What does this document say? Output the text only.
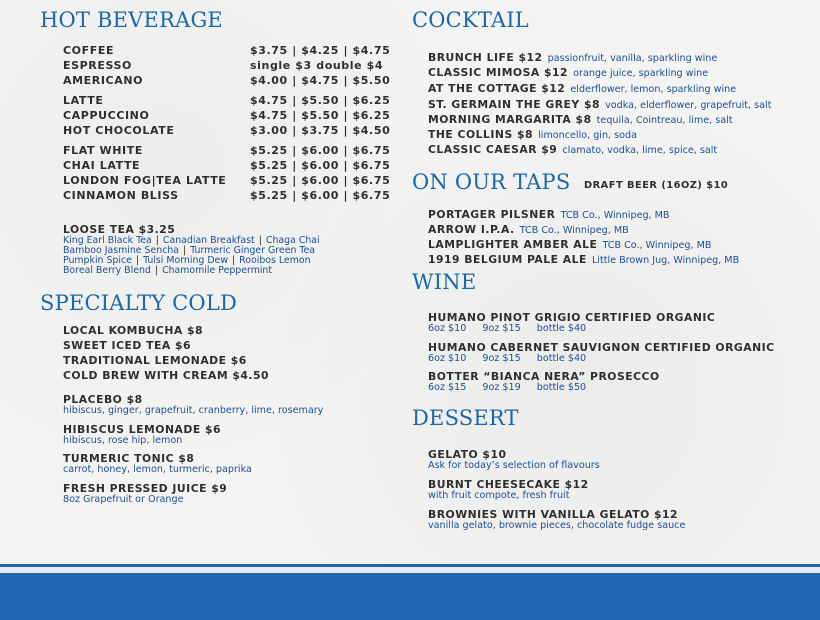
HOT BEVERAGE
COFFEE	$3.75 | $4.25 | $4.75
ESPRESSO	single $3 double $4
AMERICANO	$4.00 | $4.75 | $5.50
LATTE	$4.75 | $5.50 | $6.25
CAPPUCCINO	$4.75 | $5.50 | $6.25
HOT CHOCOLATE	$3.00 | $3.75 | $4.50
FLAT WHITE	$5.25 | $6.00 | $6.75
CHAI LATTE	$5.25 | $6.00 | $6.75
LONDON FOG|TEA LATTE $5.25 | $6.00 | $6.75
CINNAMON BLISS	$5.25 | $6.00 | $6.75
LOOSE TEA $3.25
King Earl Black Tea | Canadian Breakfast | Chaga Chai
Bamboo Jasmine Sencha | Turmeric Ginger Green Tea
Pumpkin Spice | Tulsi Morning Dew | Rooibos Lemon
Boreal Berry Blend | Chamomile Peppermint
SPECIALTY COLD
LOCAL KOMBUCHA $8
SWEET ICED TEA $6
TRADITIONAL LEMONADE $6
COLD BREW WITH CREAM $4.50
PLACEBO $8
hibiscus, ginger, grapefruit, cranberry, lime, rosemary
HIBISCUS LEMONADE $6
hibiscus, rose hip, lemon
TURMERIC TONIC $8
carrot, honey, lemon, turmeric, paprika
FRESH PRESSED JUICE $9
8oz Grapefruit or Orange
COCKTAIL
BRUNCH LIFE $12 passionfruit, vanilla, sparkling wine
CLASSIC MIMOSA $12 orange juice, sparkling wine
AT THE COTTAGE $12 elderflower, lemon, sparkling wine
ST. GERMAIN THE GREY $8 vodka, elderflower, grapefruit, salt
MORNING MARGARITA $8 tequila, Cointreau, lime, salt
THE COLLINS $8 limoncello, gin, soda
CLASSIC CAESAR $9 clamato, vodka, lime, spice, salt
ON OUR TAPS DRAFT BEER (16OZ) $10
PORTAGER PILSNER TCB Co., Winnipeg, MB
ARROW I.P.A. TCB Co., Winnipeg, MB
LAMPLIGHTER AMBER ALE TCB Co., Winnipeg, MB
1919 BELGIUM PALE ALE Little Brown Jug, Winnipeg, MB
WINE
HUMANO PINOT GRIGIO CERTIFIED ORGANIC
6oz $10 9oz $15 bottle $40
HUMANO CABERNET SAUVIGNON CERTIFIED ORGANIC
6oz $10 9oz $15 bottle $40
BOTTER “BIANCA NERA” PROSECCO
6oz $15 9oz $19 bottle $50
DESSERT
GELATO $10
Ask for today’s selection of flavours
BURNT CHEESECAKE $12
with fruit compote, fresh fruit
BROWNIES WITH VANILLA GELATO $12
vanilla gelato, brownie pieces, chocolate fudge sauce
